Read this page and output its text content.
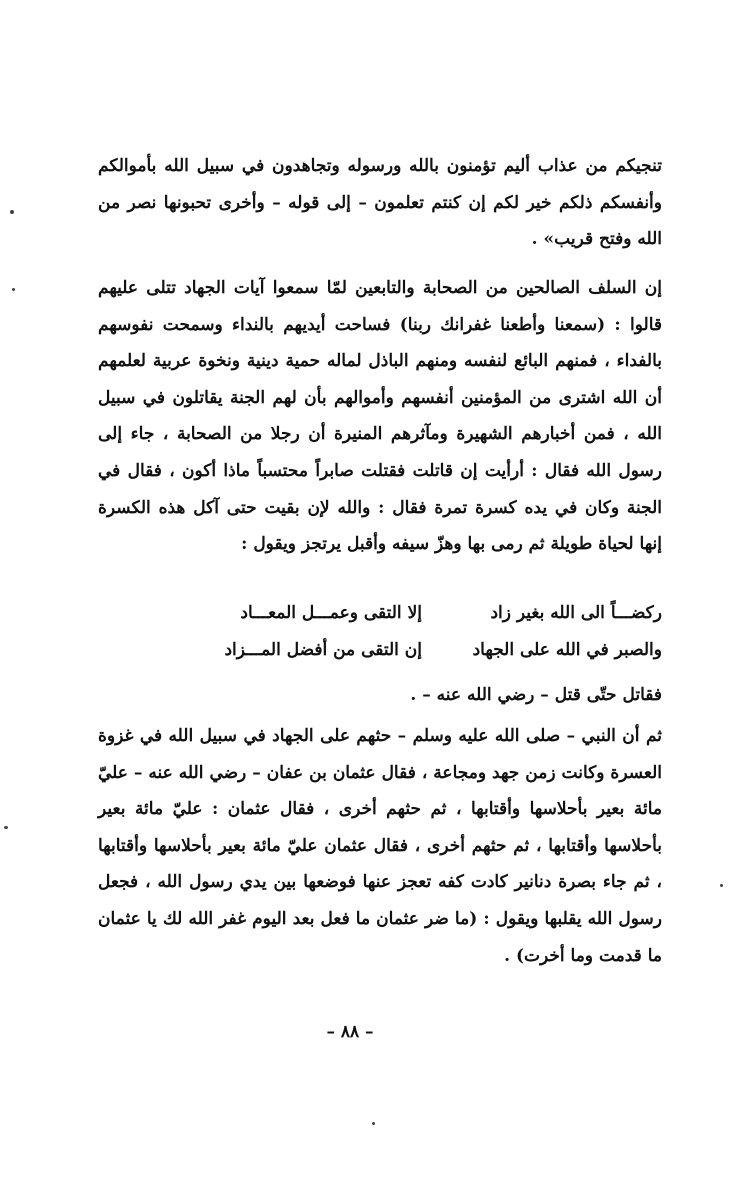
تنجيكم من عذاب أليم تؤمنون بالله ورسوله وتجاهدون في سبيل الله بأموالكم وأنفسكم ذلكم خير لكم إن كنتم تعلمون – إلى قوله – وأخرى تحبونها نصر من الله وفتح قريب» .

إن السلف الصالحين من الصحابة والتابعين لمّا سمعوا آيات الجهاد تتلى عليهم قالوا : (سمعنا وأطعنا غفرانك ربنا) فساحت أيديهم بالنداء وسمحت نفوسهم بالفداء ، فمنهم البائع لنفسه ومنهم الباذل لماله حمية دينية ونخوة عربية لعلمهم أن الله اشترى من المؤمنين أنفسهم وأموالهم بأن لهم الجنة يقاتلون في سبيل الله ، فمن أخبارهم الشهيرة ومآثرهم المنيرة أن رجلا من الصحابة ، جاء إلى رسول الله فقال : أرأيت إن قاتلت فقتلت صابراً محتسباً ماذا أكون ، فقال في الجنة وكان في يده كسرة تمرة فقال : والله لإن بقيت حتى آكل هذه الكسرة إنها لحياة طويلة ثم رمى بها وهزّ سيفه وأقبل يرتجز ويقول :

ركضـــاً الى الله بغير زاد
إلا التقى وعمـــل المعـــاد
والصبر في الله على الجهاد
إن التقى من أفضل المـــزاد
فقاتل حتّى قتل – رضي الله عنه – .

ثم أن النبي – صلى الله عليه وسلم – حثهم على الجهاد في سبيل الله في غزوة العسرة وكانت زمن جهد ومجاعة ، فقال عثمان بن عفان – رضي الله عنه – عليّ مائة بعير بأحلاسها وأقتابها ، ثم حثهم أخرى ، فقال عثمان : عليّ مائة بعير بأحلاسها وأقتابها ، ثم حثهم أخرى ، فقال عثمان عليّ مائة بعير بأحلاسها وأقتابها ، ثم جاء بصرة دنانير كادت كفه تعجز عنها فوضعها بين يدي رسول الله ، فجعل رسول الله يقلبها ويقول : (ما ضر عثمان ما فعل بعد اليوم غفر الله لك يا عثمان ما قدمت وما أخرت) .

– ٨٨ –
